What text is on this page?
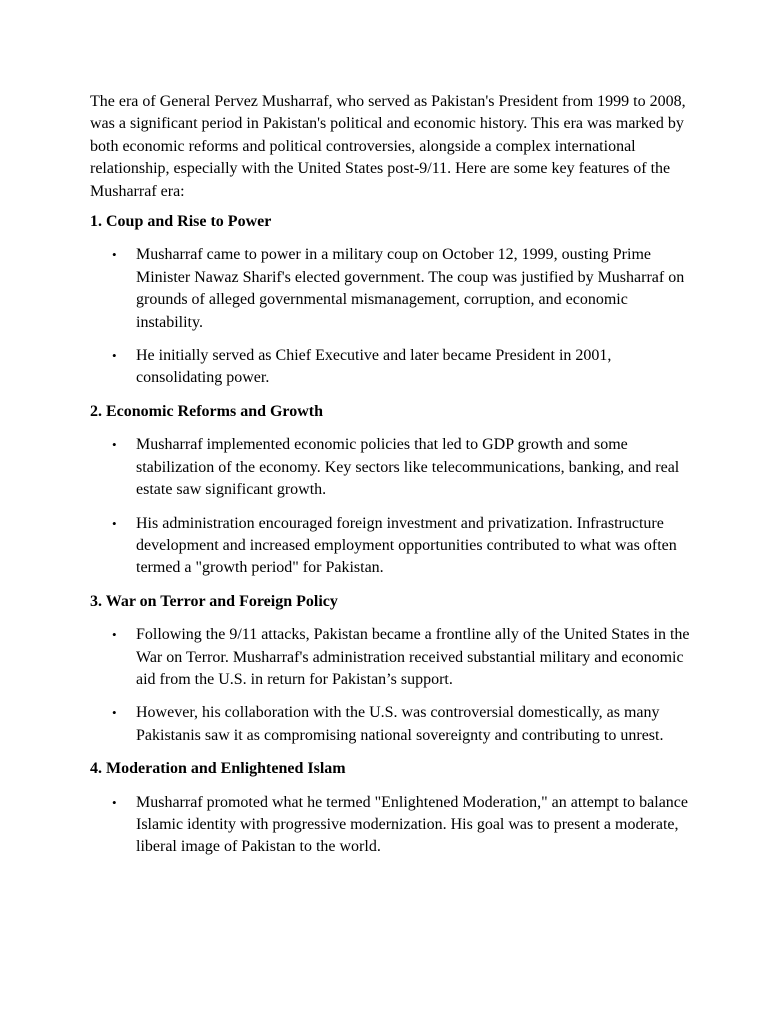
The era of General Pervez Musharraf, who served as Pakistan's President from 1999 to 2008, was a significant period in Pakistan's political and economic history. This era was marked by both economic reforms and political controversies, alongside a complex international relationship, especially with the United States post-9/11. Here are some key features of the Musharraf era:

1. Coup and Rise to Power

• Musharraf came to power in a military coup on October 12, 1999, ousting Prime Minister Nawaz Sharif's elected government. The coup was justified by Musharraf on grounds of alleged governmental mismanagement, corruption, and economic instability.
• He initially served as Chief Executive and later became President in 2001, consolidating power.

2. Economic Reforms and Growth

• Musharraf implemented economic policies that led to GDP growth and some stabilization of the economy. Key sectors like telecommunications, banking, and real estate saw significant growth.
• His administration encouraged foreign investment and privatization. Infrastructure development and increased employment opportunities contributed to what was often termed a "growth period" for Pakistan.

3. War on Terror and Foreign Policy

• Following the 9/11 attacks, Pakistan became a frontline ally of the United States in the War on Terror. Musharraf's administration received substantial military and economic aid from the U.S. in return for Pakistan’s support.
• However, his collaboration with the U.S. was controversial domestically, as many Pakistanis saw it as compromising national sovereignty and contributing to unrest.

4. Moderation and Enlightened Islam

• Musharraf promoted what he termed "Enlightened Moderation," an attempt to balance Islamic identity with progressive modernization. His goal was to present a moderate, liberal image of Pakistan to the world.
